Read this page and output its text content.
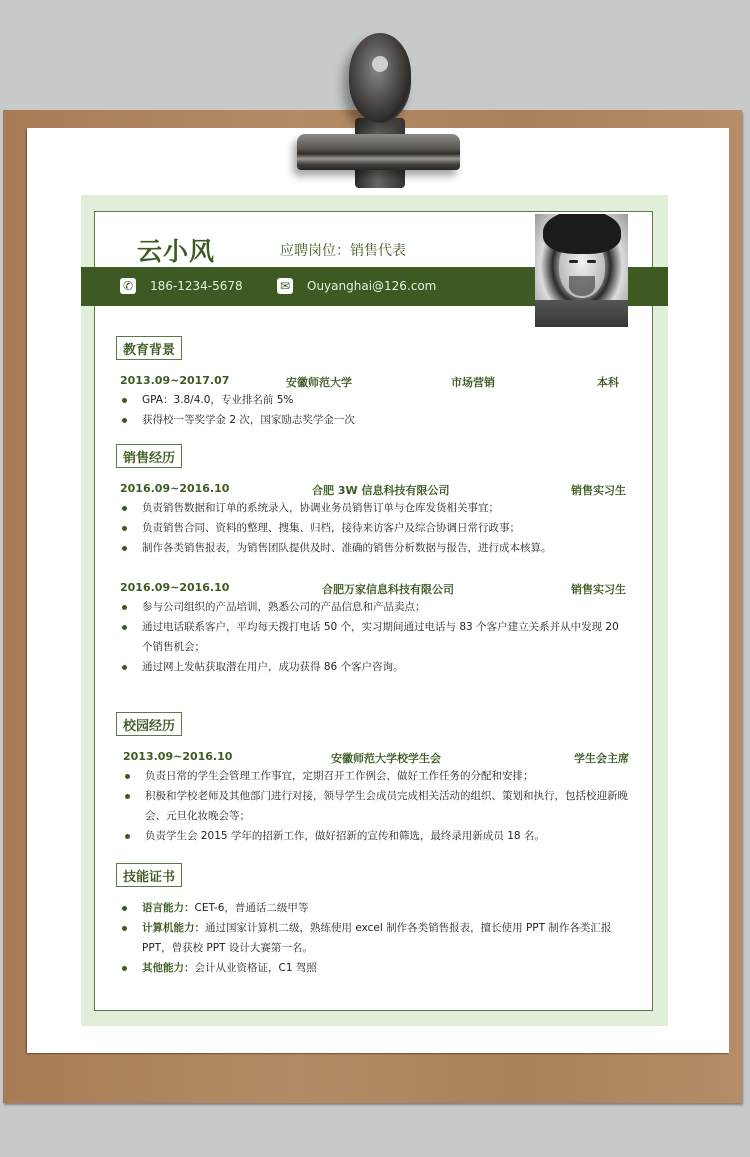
云小风	应聘岗位：销售代表
✆ 186-1234-5678	✉ Ouyanghai@126.com
教育背景
2013.09~2017.07	安徽师范大学	市场营销	本科
GPA：3.8/4.0，专业排名前 5%
获得校一等奖学金 2 次，国家励志奖学金一次
销售经历
2016.09~2016.10	合肥 3W 信息科技有限公司	销售实习生
负责销售数据和订单的系统录入，协调业务员销售订单与仓库发货相关事宜；
负责销售合同、资料的整理、搜集、归档，接待来访客户及综合协调日常行政事；
制作各类销售报表，为销售团队提供及时、准确的销售分析数据与报告，进行成本核算。
2016.09~2016.10	合肥万家信息科技有限公司	销售实习生
参与公司组织的产品培训，熟悉公司的产品信息和产品卖点；
通过电话联系客户，平均每天拨打电话 50 个，实习期间通过电话与 83 个客户建立关系并从中发现 20 个销售机会；
通过网上发帖获取潜在用户，成功获得 86 个客户咨询。
校园经历
2013.09~2016.10	安徽师范大学校学生会	学生会主席
负责日常的学生会管理工作事宜，定期召开工作例会，做好工作任务的分配和安排；
积极和学校老师及其他部门进行对接，领导学生会成员完成相关活动的组织、策划和执行，包括校迎新晚会、元旦化妆晚会等；
负责学生会 2015 学年的招新工作，做好招新的宣传和筛选，最终录用新成员 18 名。
技能证书
语言能力：CET-6，普通话二级甲等
计算机能力：通过国家计算机二级，熟练使用 excel 制作各类销售报表，擅长使用 PPT 制作各类汇报 PPT，曾获校 PPT 设计大赛第一名。
其他能力：会计从业资格证，C1 驾照
